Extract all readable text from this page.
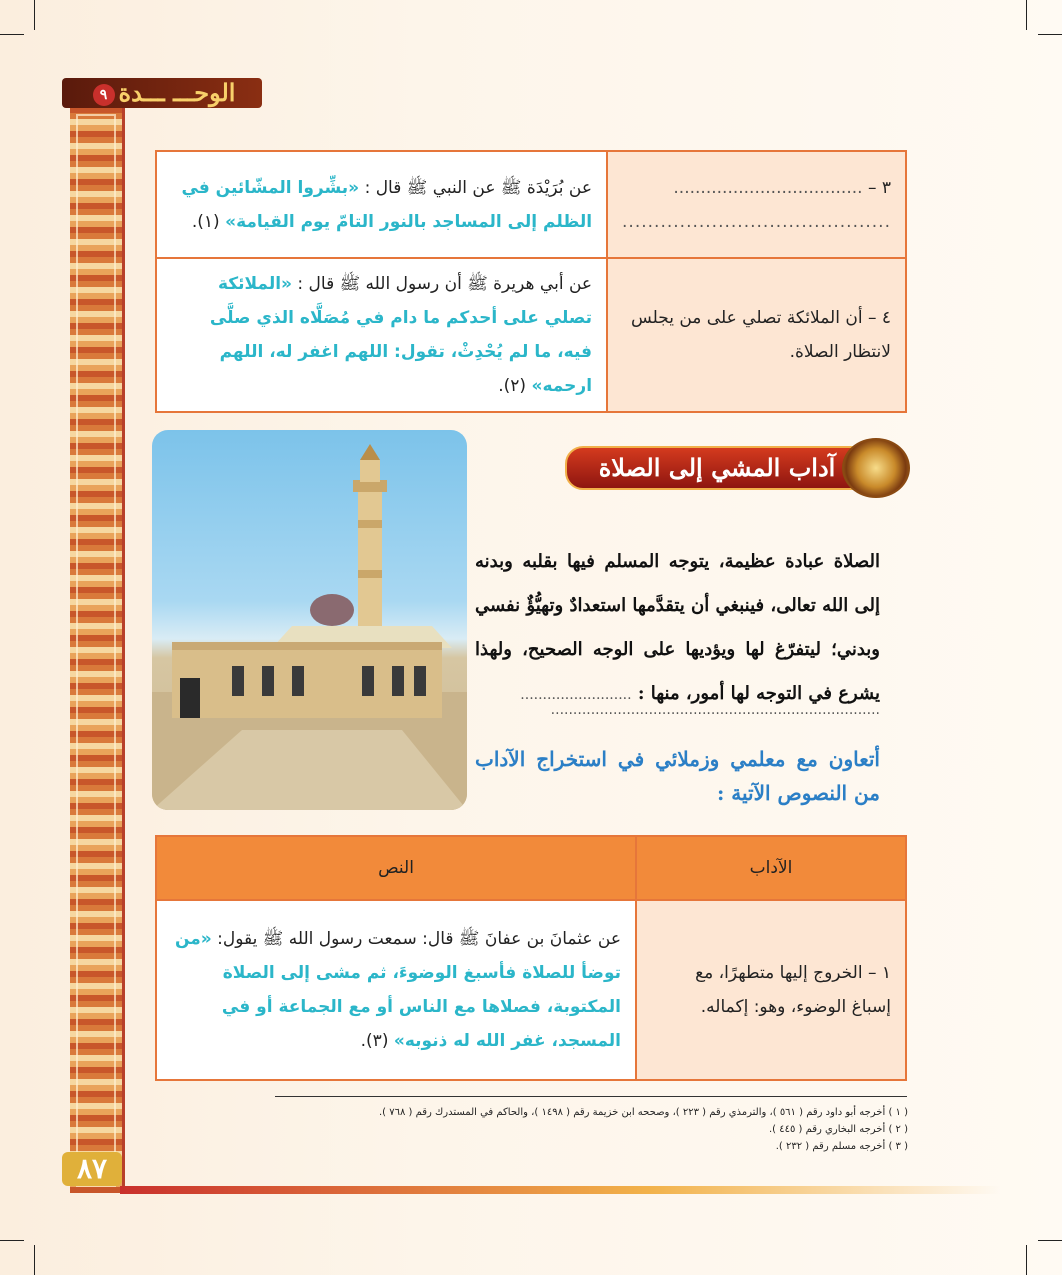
الوحـــ ـــدة٩
٣ – ...................................
..........................................	عن بُرَيْدَة ﷺ عن النبي ﷺ قال : «بشِّروا المشّائين في الظلم إلى المساجد بالنور التامّ يوم القيامة» (١).
٤ – أن الملائكة تصلي على من يجلس لانتظار الصلاة.	عن أبي هريرة ﷺ أن رسول الله ﷺ قال : «الملائكة تصلي على أحدكم ما دام في مُصَلَّاه الذي صلَّى فيه، ما لم يُحْدِثْ، تقول: اللهم اغفر له، اللهم ارحمه» (٢).
آداب المشي إلى الصلاة
الصلاة عبادة عظيمة، يتوجه المسلم فيها بقلبه وبدنه إلى الله تعالى، فينبغي أن يتقدَّمها استعدادٌ وتهيُّؤٌ نفسي وبدني؛ ليتفرّغ لها ويؤديها على الوجه الصحيح، ولهذا يشرع في التوجه لها أمور، منها : .........................
..........................................................................
أتعاون مع معلمي وزملائي في استخراج الآداب من النصوص الآتية :
الآداب	النص
١ – الخروج إليها متطهرًا، مع إسباغ الوضوء، وهو: إكماله.	عن عثمانَ بن عفانَ ﷺ قال: سمعت رسول الله ﷺ يقول: «من توضأ للصلاة فأسبغ الوضوءَ، ثم مشى إلى الصلاة المكتوبة، فصلاها مع الناس أو مع الجماعة أو في المسجد، غفر الله له ذنوبه» (٣).
( ١ ) أخرجه أبو داود رقم ( ٥٦١ )، والترمذي رقم ( ٢٢٣ )، وصححه ابن خزيمة رقم ( ١٤٩٨ )، والحاكم في المستدرك رقم ( ٧٦٨ ).
( ٢ ) أخرجه البخاري رقم ( ٤٤٥ ).
( ٣ ) أخرجه مسلم رقم ( ٢٣٢ ).
٨٧
